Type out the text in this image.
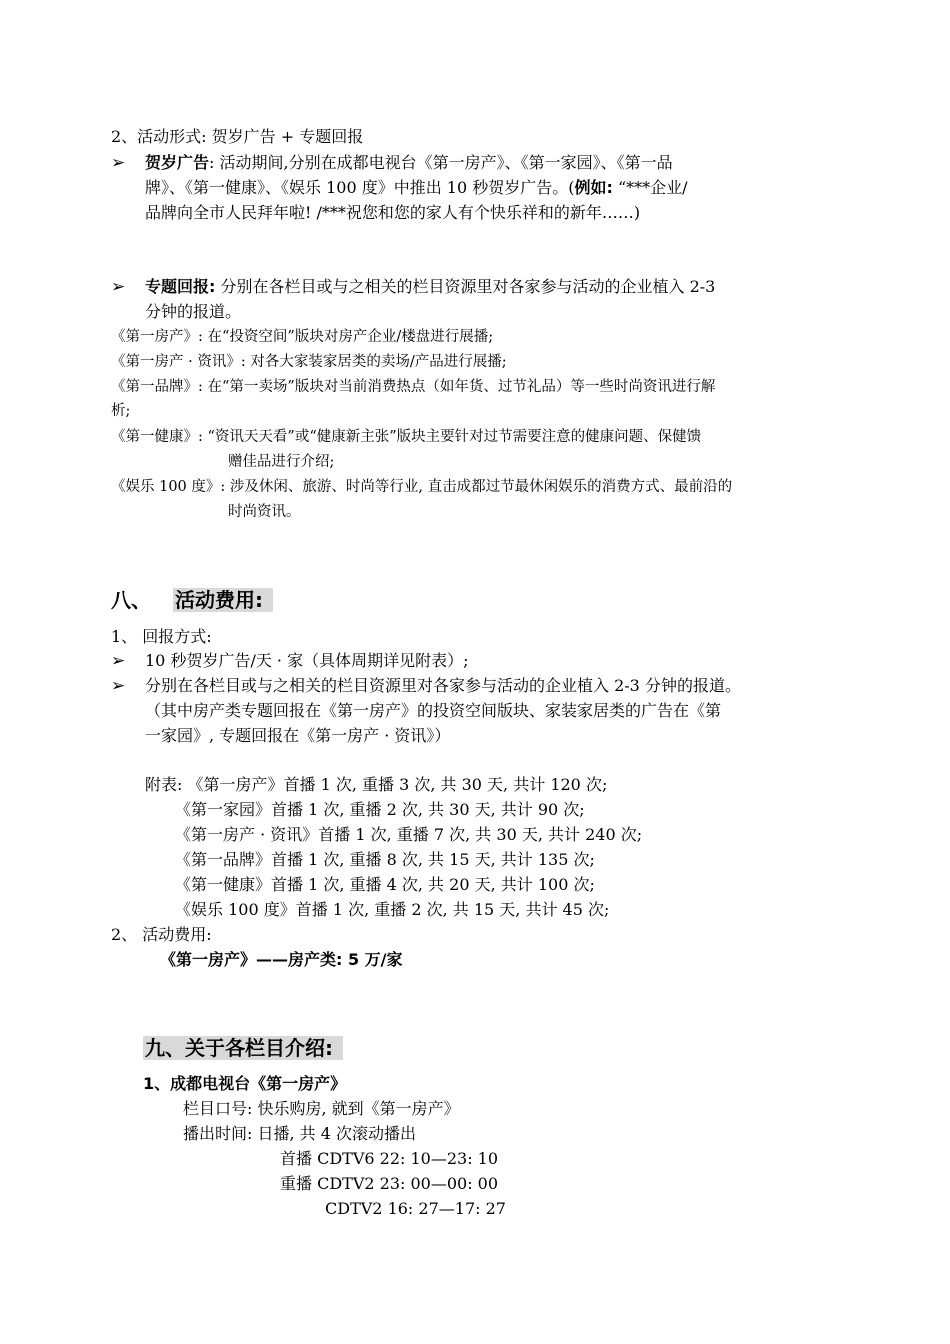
2、活动形式: 贺岁广告 + 专题回报
➢ 贺岁广告: 活动期间,分别在成都电视台《第一房产》、《第一家园》、《第一品
牌》、《第一健康》、《娱乐 100 度》中推出 10 秒贺岁广告。(例如: “***企业/
品牌向全市人民拜年啦! /***祝您和您的家人有个快乐祥和的新年……)
➢ 专题回报: 分别在各栏目或与之相关的栏目资源里对各家参与活动的企业植入 2-3
分钟的报道。
《第一房产》: 在“投资空间”版块对房产企业/楼盘进行展播;
《第一房产 · 资讯》: 对各大家装家居类的卖场/产品进行展播;
《第一品牌》: 在“第一卖场”版块对当前消费热点（如年货、过节礼品）等一些时尚资讯进行解
析;
《第一健康》: “资讯天天看”或“健康新主张”版块主要针对过节需要注意的健康问题、保健馈
赠佳品进行介绍;
《娱乐 100 度》: 涉及休闲、旅游、时尚等行业, 直击成都过节最休闲娱乐的消费方式、最前沿的
时尚资讯。
八、 活动费用:
1、 回报方式:
➢ 10 秒贺岁广告/天 · 家（具体周期详见附表）;
➢ 分别在各栏目或与之相关的栏目资源里对各家参与活动的企业植入 2-3 分钟的报道。
（其中房产类专题回报在《第一房产》的投资空间版块、家装家居类的广告在《第
一家园》, 专题回报在《第一房产 · 资讯》）
附表: 《第一房产》首播 1 次, 重播 3 次, 共 30 天, 共计 120 次;
《第一家园》首播 1 次, 重播 2 次, 共 30 天, 共计 90 次;
《第一房产 · 资讯》首播 1 次, 重播 7 次, 共 30 天, 共计 240 次;
《第一品牌》首播 1 次, 重播 8 次, 共 15 天, 共计 135 次;
《第一健康》首播 1 次, 重播 4 次, 共 20 天, 共计 100 次;
《娱乐 100 度》首播 1 次, 重播 2 次, 共 15 天, 共计 45 次;
2、 活动费用:
《第一房产》——房产类: 5 万/家
九、关于各栏目介绍:
1、成都电视台《第一房产》
栏目口号: 快乐购房, 就到《第一房产》
播出时间: 日播, 共 4 次滚动播出
首播 CDTV6 22: 10—23: 10
重播 CDTV2 23: 00—00: 00
CDTV2 16: 27—17: 27
